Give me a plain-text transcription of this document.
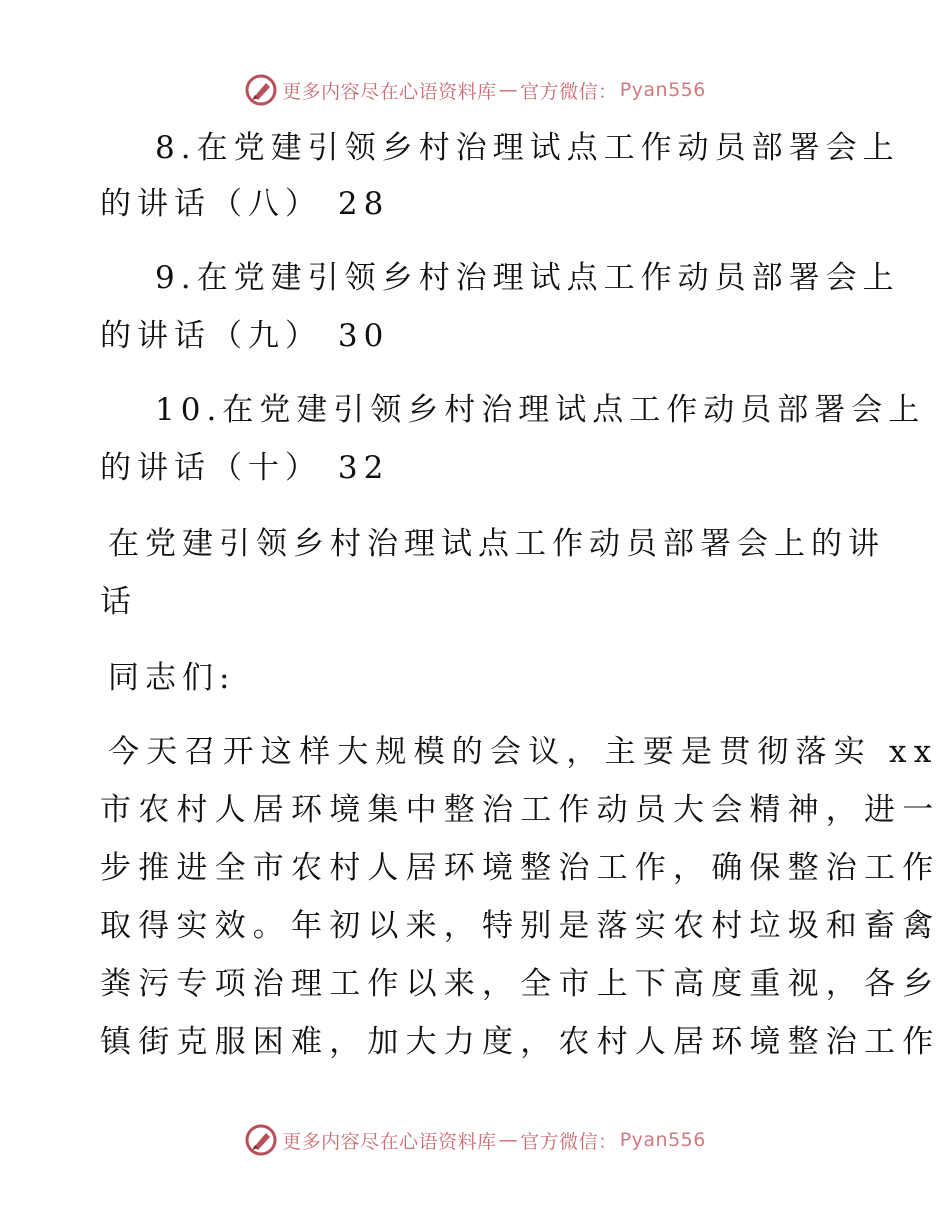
更多内容尽在心语资料库 — 官方微信： Pyan556
8.在党建引领乡村治理试点工作动员部署会上
的讲话（八） 28
9.在党建引领乡村治理试点工作动员部署会上
的讲话（九） 30
10.在党建引领乡村治理试点工作动员部署会上
的讲话（十） 32
在党建引领乡村治理试点工作动员部署会上的讲
话
同志们:
今天召开这样大规模的会议，主要是贯彻落实 xx
市农村人居环境集中整治工作动员大会精神，进一
步推进全市农村人居环境整治工作，确保整治工作
取得实效。年初以来，特别是落实农村垃圾和畜禽
粪污专项治理工作以来，全市上下高度重视，各乡
镇街克服困难，加大力度，农村人居环境整治工作
更多内容尽在心语资料库 — 官方微信： Pyan556
